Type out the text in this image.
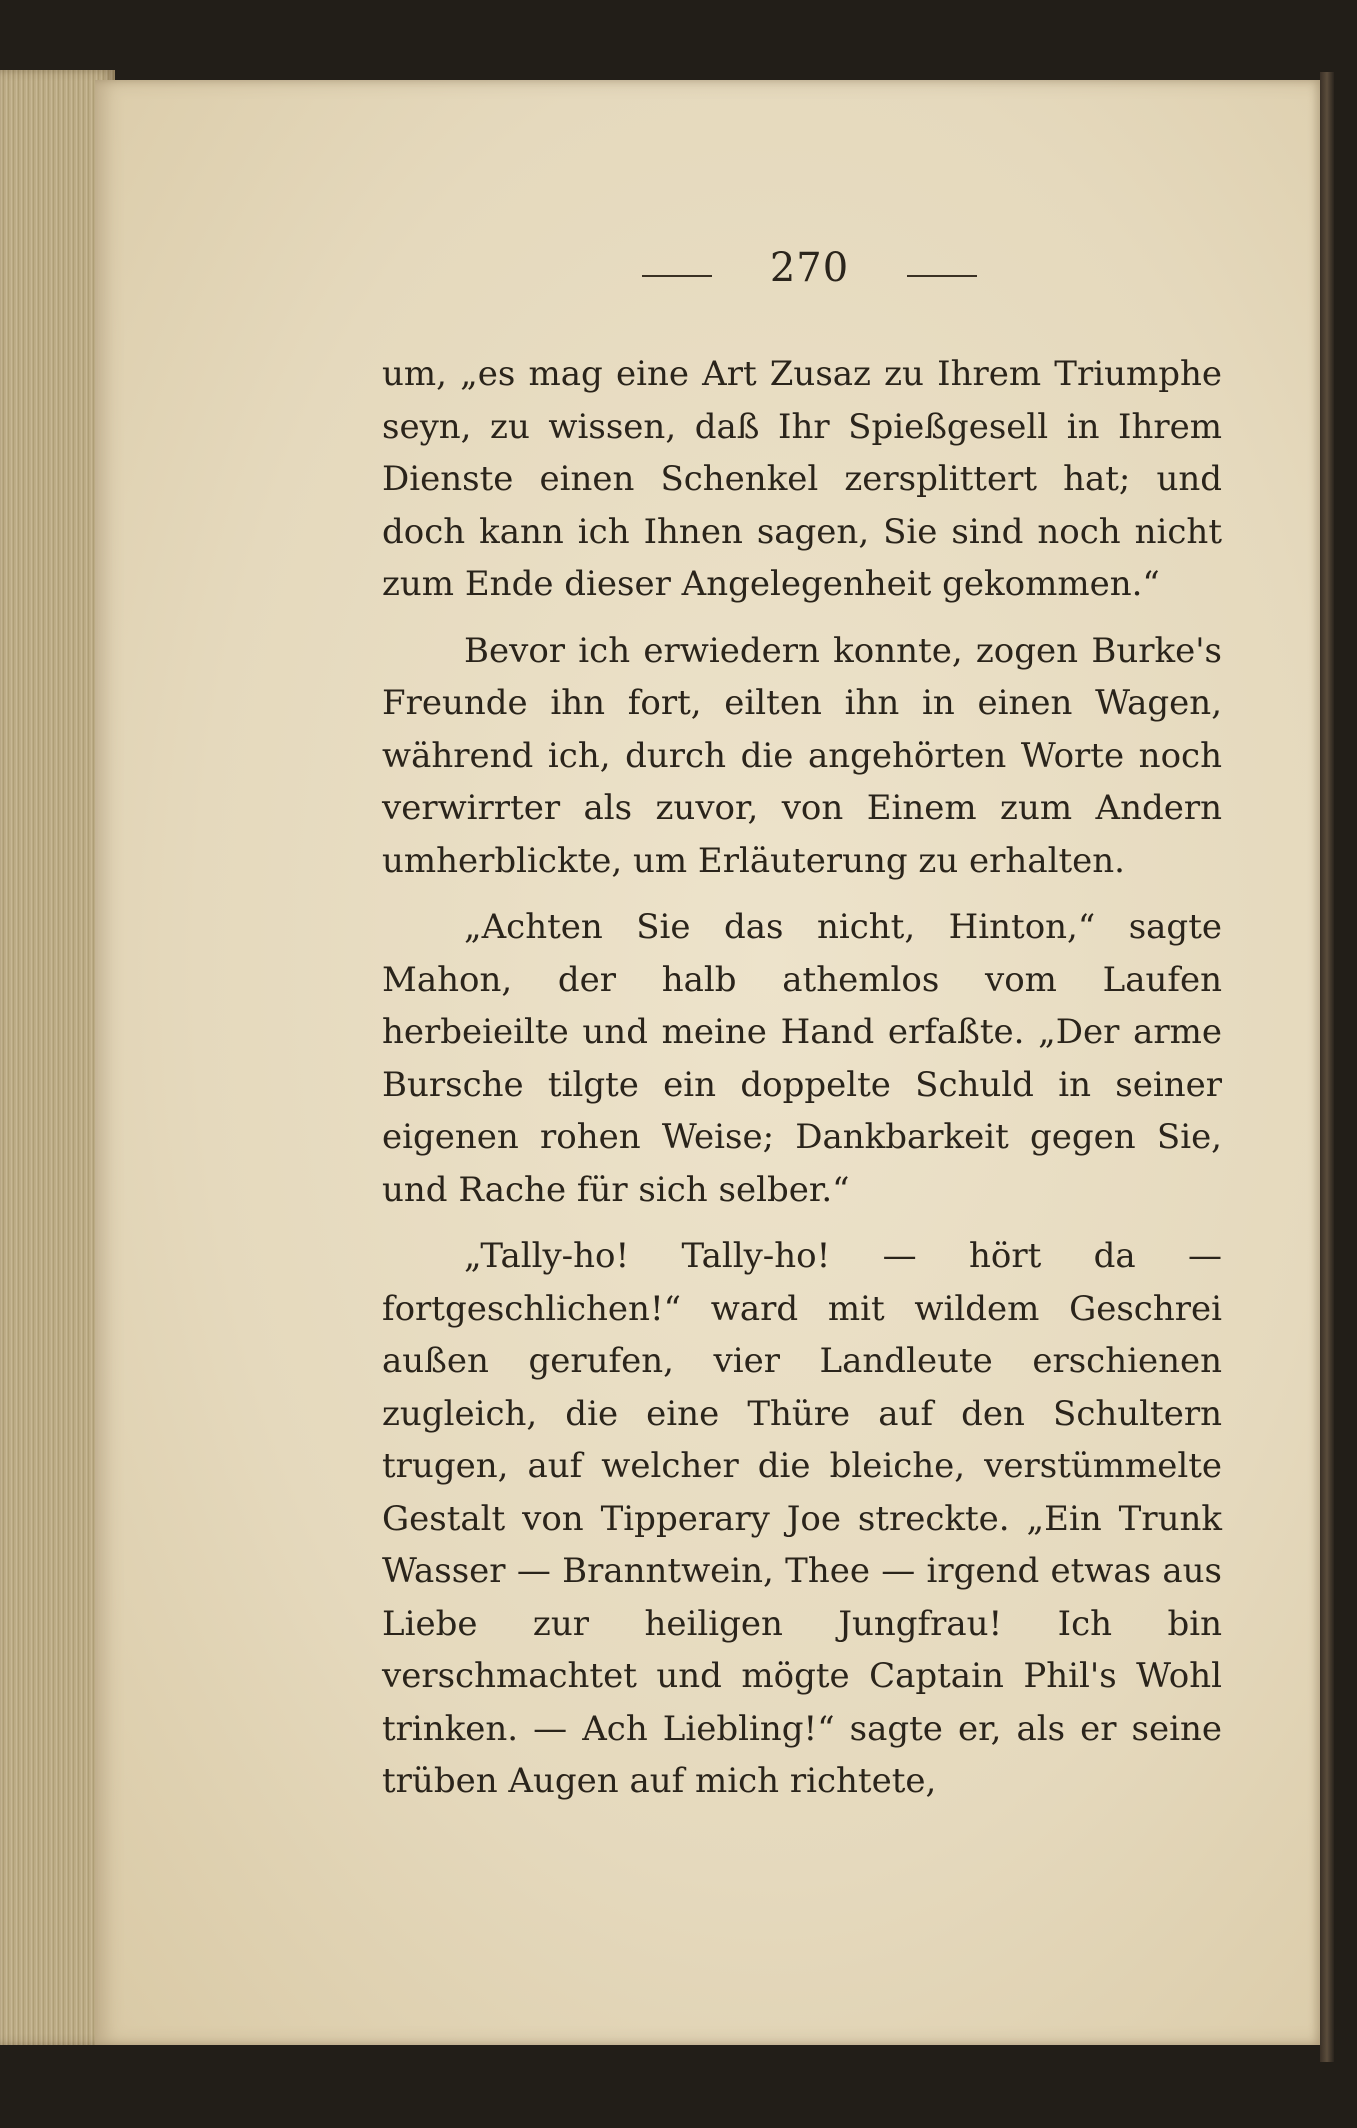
270

um, „es mag eine Art Zusaz zu Ihrem Triumphe seyn, zu wissen, daß Ihr Spießgesell in Ihrem Dienste einen Schenkel zersplittert hat; und doch kann ich Ihnen sagen, Sie sind noch nicht zum Ende dieser Angelegenheit gekommen.“

Bevor ich erwiedern konnte, zogen Burke's Freunde ihn fort, eilten ihn in einen Wagen, während ich, durch die angehörten Worte noch verwirrter als zuvor, von Einem zum Andern umherblickte, um Erläuterung zu erhalten.

„Achten Sie das nicht, Hinton,“ sagte Mahon, der halb athemlos vom Laufen herbeieilte und meine Hand erfaßte. „Der arme Bursche tilgte ein doppelte Schuld in seiner eigenen rohen Weise; Dankbarkeit gegen Sie, und Rache für sich selber.“

„Tally-ho! Tally-ho! — hört da — fortgeschlichen!“ ward mit wildem Geschrei außen gerufen, vier Landleute erschienen zugleich, die eine Thüre auf den Schultern trugen, auf welcher die bleiche, verstümmelte Gestalt von Tipperary Joe streckte. „Ein Trunk Wasser — Branntwein, Thee — irgend etwas aus Liebe zur heiligen Jungfrau! Ich bin verschmachtet und mögte Captain Phil's Wohl trinken. — Ach Liebling!“ sagte er, als er seine trüben Augen auf mich richtete,
